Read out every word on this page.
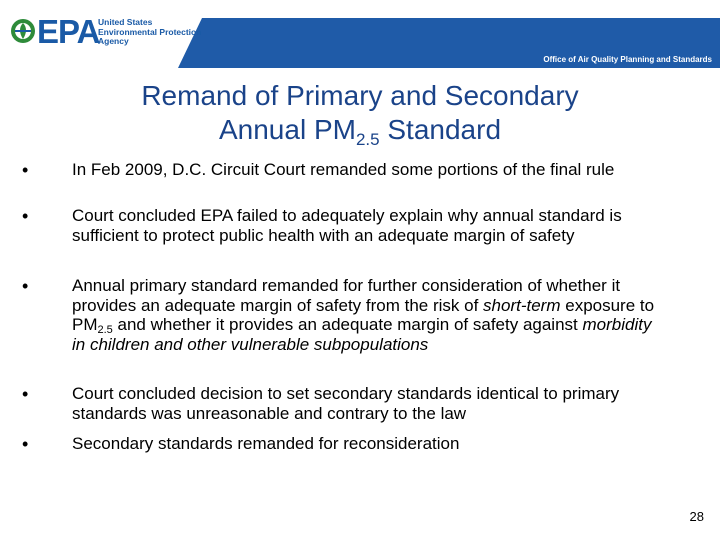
Office of Air Quality Planning and Standards
EPA
United States
Environmental Protection
Agency
Remand of Primary and Secondary
Annual $PM_{2.5}$ Standard
•	In Feb 2009, D.C. Circuit Court remanded some portions of the final rule
•	Court concluded EPA failed to adequately explain why annual standard is sufficient to protect public health with an adequate margin of safety
•	Annual primary standard remanded for further consideration of whether it provides an adequate margin of safety from the risk of short-term exposure to $PM_{2.5}$ and whether it provides an adequate margin of safety against morbidity in children and other vulnerable subpopulations
•	Court concluded decision to set secondary standards identical to primary standards was unreasonable and contrary to the law
•	Secondary standards remanded for reconsideration
28
